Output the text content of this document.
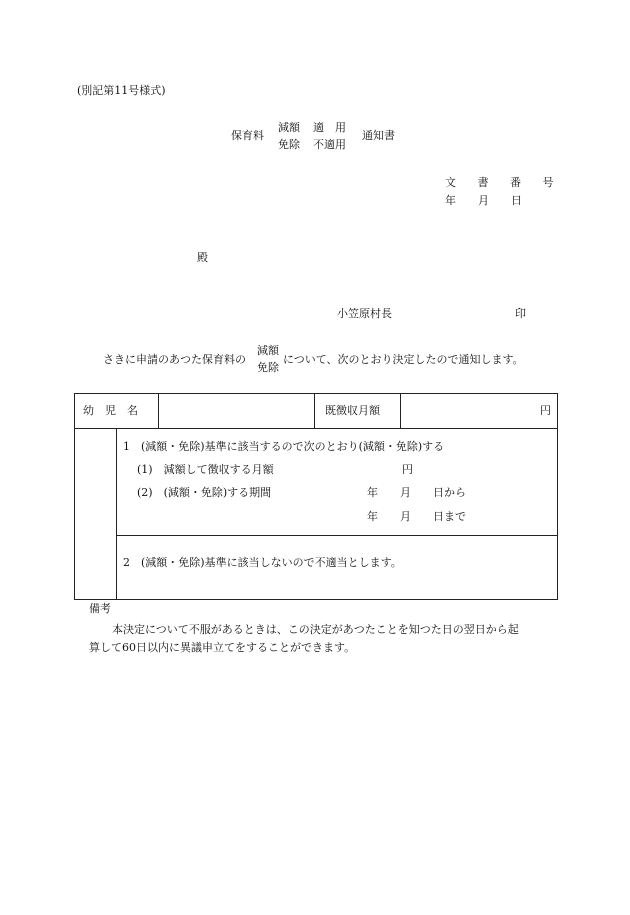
(別記第11号様式)
保育料
減額 適　用
免除 不適用
通知書
文 書 番 号
年　　月　　日
殿
小笠原村長	印
さきに申請のあつた保育料の
減額
免除
について、次のとおり決定したので通知します。
幼　児　名	既徴収月額	円
1　(減額・免除)基準に該当するので次のとおり(減額・免除)する
(1)　減額して徴収する月額	円
(2)　(減額・免除)する期間	年　　月　　日から
年　　月　　日まで
2　(減額・免除)基準に該当しないので不適当とします。
備考
本決定について不服があるときは、この決定があつたことを知つた日の翌日から起
算して60日以内に異議申立てをすることができます。
